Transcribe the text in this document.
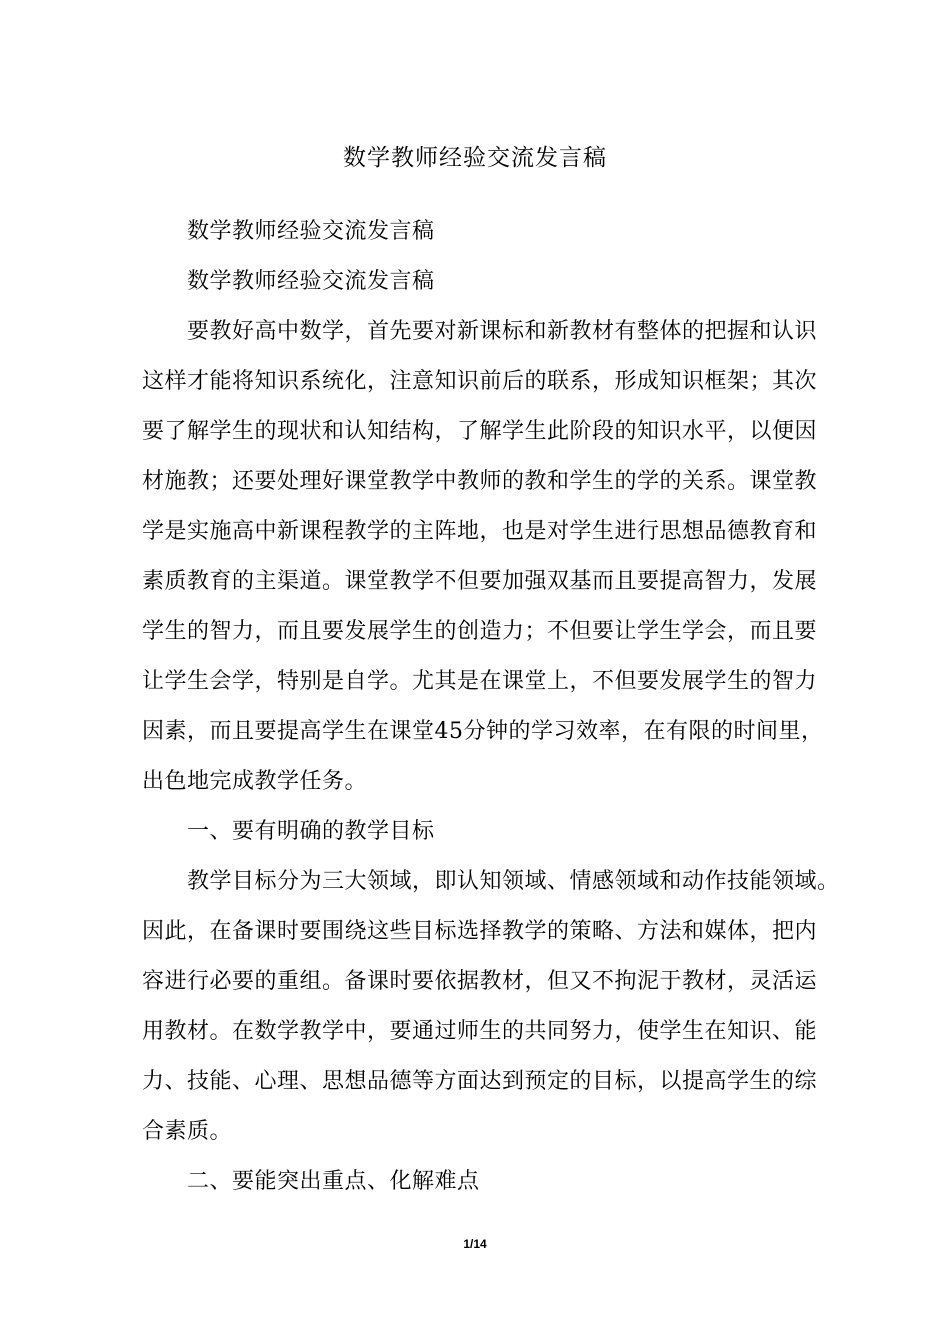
数学教师经验交流发言稿
数学教师经验交流发言稿
数学教师经验交流发言稿
要教好高中数学，首先要对新课标和新教材有整体的把握和认识
这样才能将知识系统化，注意知识前后的联系，形成知识框架；其次
要了解学生的现状和认知结构，了解学生此阶段的知识水平，以便因
材施教；还要处理好课堂教学中教师的教和学生的学的关系。课堂教
学是实施高中新课程教学的主阵地，也是对学生进行思想品德教育和
素质教育的主渠道。课堂教学不但要加强双基而且要提高智力，发展
学生的智力，而且要发展学生的创造力；不但要让学生学会，而且要
让学生会学，特别是自学。尤其是在课堂上，不但要发展学生的智力
因素，而且要提高学生在课堂45分钟的学习效率，在有限的时间里，
出色地完成教学任务。
一、要有明确的教学目标
教学目标分为三大领域，即认知领域、情感领域和动作技能领域。
因此，在备课时要围绕这些目标选择教学的策略、方法和媒体，把内
容进行必要的重组。备课时要依据教材，但又不拘泥于教材，灵活运
用教材。在数学教学中，要通过师生的共同努力，使学生在知识、能
力、技能、心理、思想品德等方面达到预定的目标，以提高学生的综
合素质。
二、要能突出重点、化解难点
1/14
